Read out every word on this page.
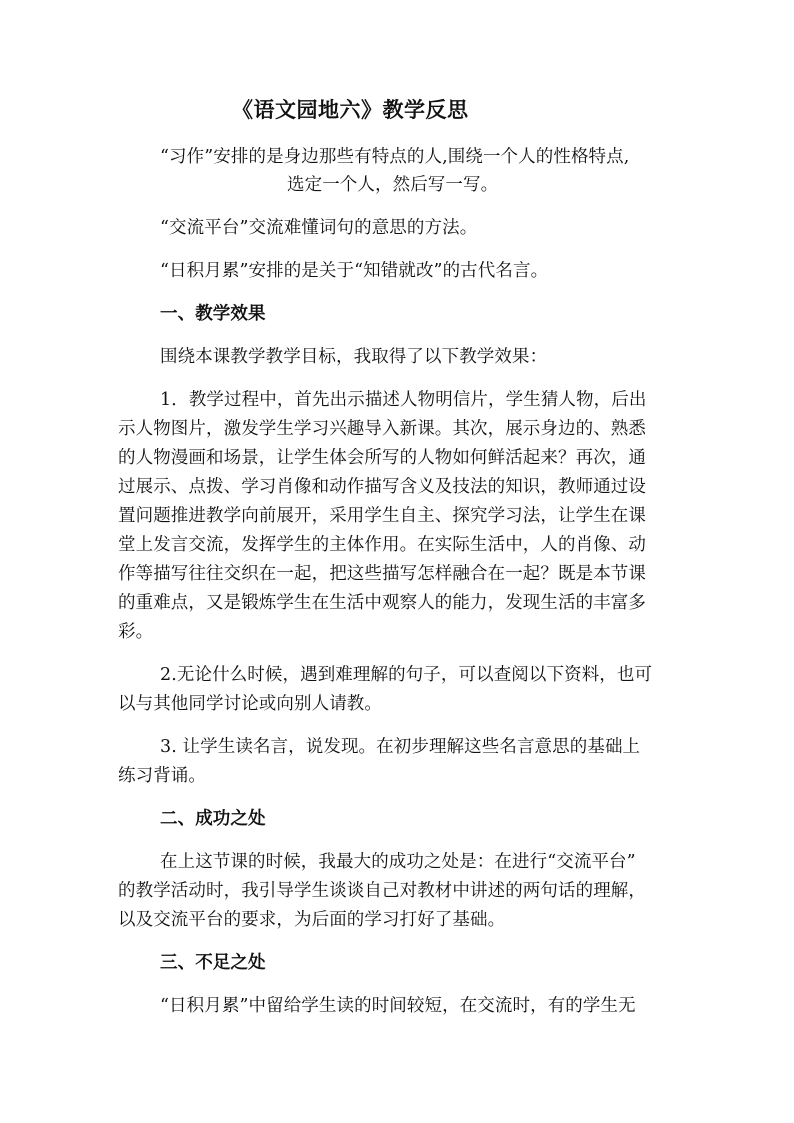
《语文园地六》教学反思
“习作”安排的是身边那些有特点的人,围绕一个人的性格特点,
选定一个人，然后写一写。
“交流平台”交流难懂词句的意思的方法。
“日积月累”安排的是关于“知错就改”的古代名言。
一、教学效果
围绕本课教学教学目标，我取得了以下教学效果：
1．教学过程中，首先出示描述人物明信片，学生猜人物，后出
示人物图片，激发学生学习兴趣导入新课。其次，展示身边的、熟悉
的人物漫画和场景，让学生体会所写的人物如何鲜活起来？再次，通
过展示、点拨、学习肖像和动作描写含义及技法的知识，教师通过设
置问题推进教学向前展开，采用学生自主、探究学习法，让学生在课
堂上发言交流，发挥学生的主体作用。在实际生活中，人的肖像、动
作等描写往往交织在一起，把这些描写怎样融合在一起？既是本节课
的重难点，又是锻炼学生在生活中观察人的能力，发现生活的丰富多
彩。
2.无论什么时候，遇到难理解的句子，可以查阅以下资料，也可
以与其他同学讨论或向别人请教。
3. 让学生读名言，说发现。在初步理解这些名言意思的基础上
练习背诵。
二、成功之处
在上这节课的时候，我最大的成功之处是：在进行“交流平台”
的教学活动时，我引导学生谈谈自己对教材中讲述的两句话的理解，
以及交流平台的要求，为后面的学习打好了基础。
三、不足之处
“日积月累”中留给学生读的时间较短，在交流时，有的学生无
